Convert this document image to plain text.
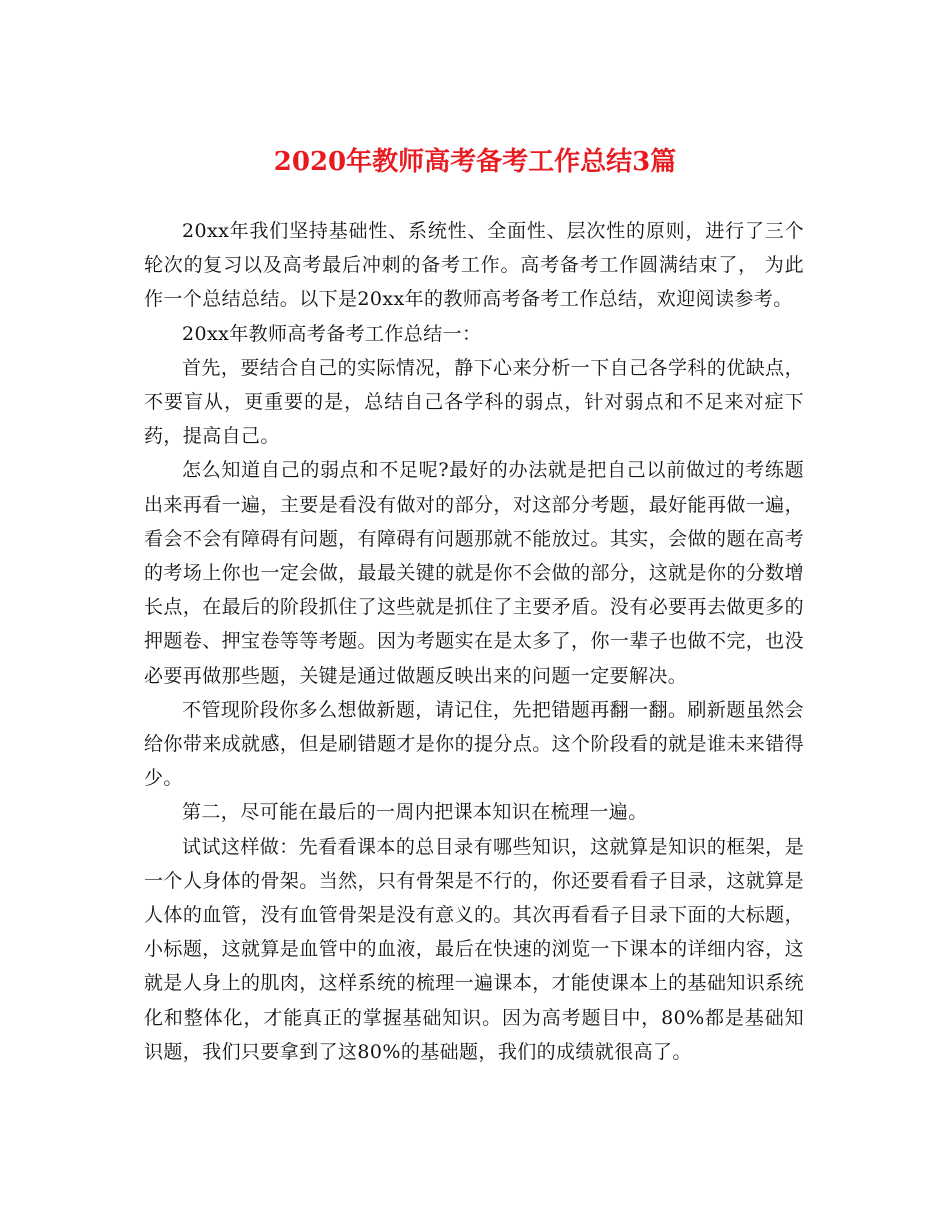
2020年教师高考备考工作总结3篇

20xx年我们坚持基础性、系统性、全面性、层次性的原则，进行了三个轮次的复习以及高考最后冲刺的备考工作。高考备考工作圆满结束了， 为此作一个总结总结。以下是20xx年的教师高考备考工作总结，欢迎阅读参考。

20xx年教师高考备考工作总结一：

首先，要结合自己的实际情况，静下心来分析一下自己各学科的优缺点，不要盲从，更重要的是，总结自己各学科的弱点，针对弱点和不足来对症下药，提高自己。

怎么知道自己的弱点和不足呢?最好的办法就是把自己以前做过的考练题出来再看一遍，主要是看没有做对的部分，对这部分考题，最好能再做一遍，看会不会有障碍有问题，有障碍有问题那就不能放过。其实，会做的题在高考的考场上你也一定会做，最最关键的就是你不会做的部分，这就是你的分数增长点，在最后的阶段抓住了这些就是抓住了主要矛盾。没有必要再去做更多的押题卷、押宝卷等等考题。因为考题实在是太多了，你一辈子也做不完，也没必要再做那些题，关键是通过做题反映出来的问题一定要解决。

不管现阶段你多么想做新题，请记住，先把错题再翻一翻。刷新题虽然会给你带来成就感，但是刷错题才是你的提分点。这个阶段看的就是谁未来错得少。

第二，尽可能在最后的一周内把课本知识在梳理一遍。

试试这样做：先看看课本的总目录有哪些知识，这就算是知识的框架，是一个人身体的骨架。当然，只有骨架是不行的，你还要看看子目录，这就算是人体的血管，没有血管骨架是没有意义的。其次再看看子目录下面的大标题，小标题，这就算是血管中的血液，最后在快速的浏览一下课本的详细内容，这就是人身上的肌肉，这样系统的梳理一遍课本，才能使课本上的基础知识系统化和整体化，才能真正的掌握基础知识。因为高考题目中，80%都是基础知识题，我们只要拿到了这80%的基础题，我们的成绩就很高了。
